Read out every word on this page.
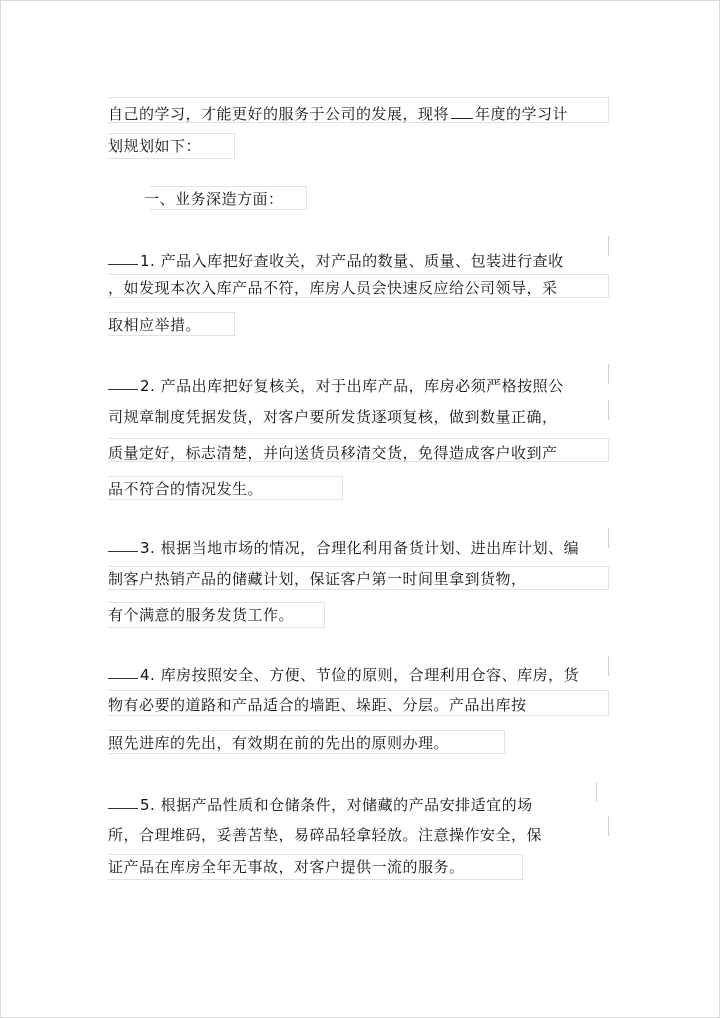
自己的学习，才能更好的服务于公司的发展，现将 年度的学习计
划规划如下：
一、业务深造方面：
1. 产品入库把好查收关，对产品的数量、质量、包装进行查收
，如发现本次入库产品不符，库房人员会快速反应给公司领导，采
取相应举措。
2. 产品出库把好复核关，对于出库产品，库房必须严格按照公
司规章制度凭据发货，对客户要所发货逐项复核，做到数量正确，
质量定好，标志清楚，并向送货员移清交货，免得造成客户收到产
品不符合的情况发生。
3. 根据当地市场的情况，合理化利用备货计划、进出库计划、编
制客户热销产品的储藏计划，保证客户第一时间里拿到货物，
有个满意的服务发货工作。
4. 库房按照安全、方便、节俭的原则，合理利用仓容、库房，货
物有必要的道路和产品适合的墙距、垛距、分层。产品出库按
照先进库的先出，有效期在前的先出的原则办理。
5. 根据产品性质和仓储条件，对储藏的产品安排适宜的场
所，合理堆码，妥善苫垫，易碎品轻拿轻放。注意操作安全，保
证产品在库房全年无事故，对客户提供一流的服务。
